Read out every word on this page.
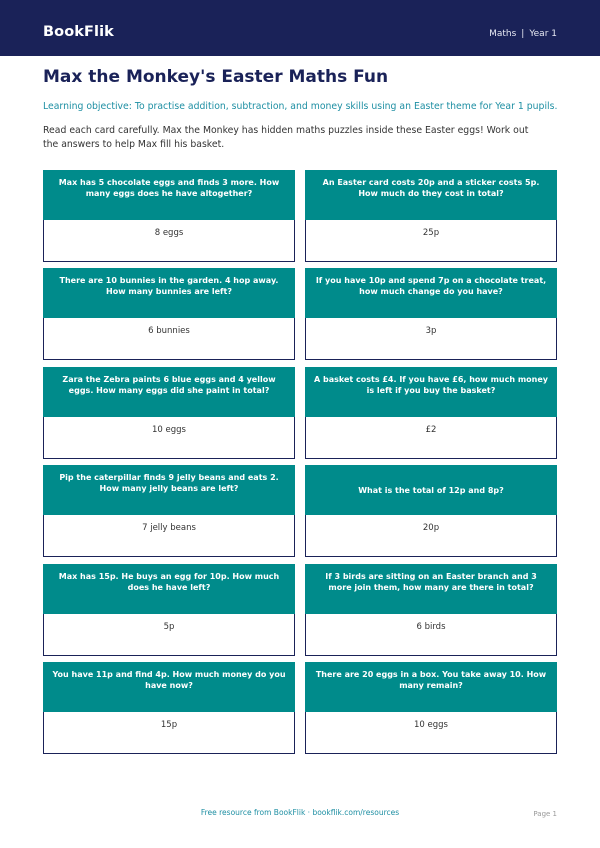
BookFlik	Maths | Year 1
Max the Monkey's Easter Maths Fun
Learning objective: To practise addition, subtraction, and money skills using an Easter theme for Year 1 pupils.
Read each card carefully. Max the Monkey has hidden maths puzzles inside these Easter eggs! Work out the answers to help Max fill his basket.
Max has 5 chocolate eggs and finds 3 more. How many eggs does he have altogether?
8 eggs
An Easter card costs 20p and a sticker costs 5p. How much do they cost in total?
25p
There are 10 bunnies in the garden. 4 hop away. How many bunnies are left?
6 bunnies
If you have 10p and spend 7p on a chocolate treat, how much change do you have?
3p
Zara the Zebra paints 6 blue eggs and 4 yellow eggs. How many eggs did she paint in total?
10 eggs
A basket costs £4. If you have £6, how much money is left if you buy the basket?
£2
Pip the caterpillar finds 9 jelly beans and eats 2. How many jelly beans are left?
7 jelly beans
What is the total of 12p and 8p?
20p
Max has 15p. He buys an egg for 10p. How much does he have left?
5p
If 3 birds are sitting on an Easter branch and 3 more join them, how many are there in total?
6 birds
You have 11p and find 4p. How much money do you have now?
15p
There are 20 eggs in a box. You take away 10. How many remain?
10 eggs
Free resource from BookFlik · bookflik.com/resources	Page 1
